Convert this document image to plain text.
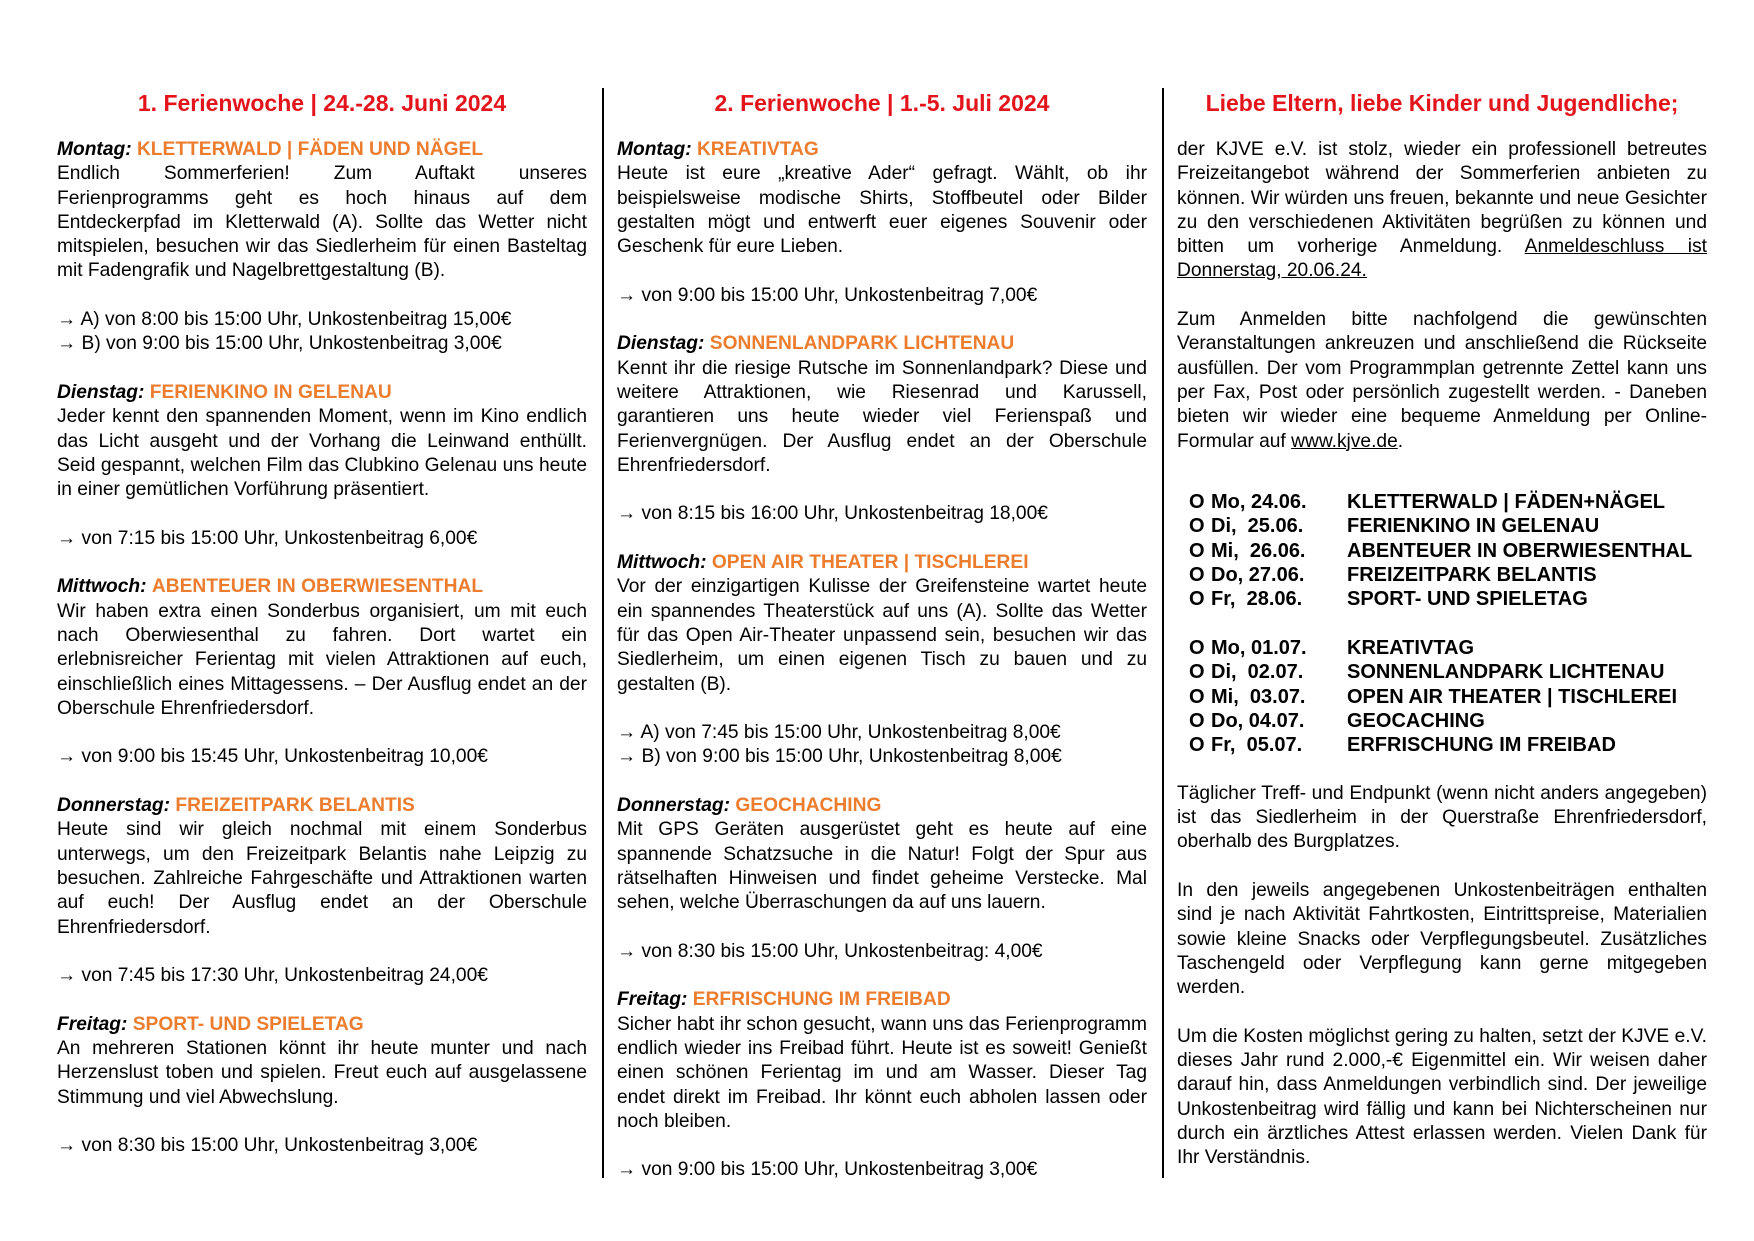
1. Ferienwoche | 24.-28. Juni 2024
Montag: KLETTERWALD | FÄDEN UND NÄGEL

Endlich Sommerferien! Zum Auftakt unseres Ferienprogramms geht es hoch hinaus auf dem Entdeckerpfad im Kletterwald (A). Sollte das Wetter nicht mitspielen, besuchen wir das Siedlerheim für einen Basteltag mit Fadengrafik und Nagelbrettgestaltung (B).

→ A) von 8:00 bis 15:00 Uhr, Unkostenbeitrag 15,00€
→ B) von 9:00 bis 15:00 Uhr, Unkostenbeitrag 3,00€
Dienstag: FERIENKINO IN GELENAU

Jeder kennt den spannenden Moment, wenn im Kino endlich das Licht ausgeht und der Vorhang die Leinwand enthüllt. Seid gespannt, welchen Film das Clubkino Gelenau uns heute in einer gemütlichen Vorführung präsentiert.

→ von 7:15 bis 15:00 Uhr, Unkostenbeitrag 6,00€
Mittwoch: ABENTEUER IN OBERWIESENTHAL

Wir haben extra einen Sonderbus organisiert, um mit euch nach Oberwiesenthal zu fahren. Dort wartet ein erlebnisreicher Ferientag mit vielen Attraktionen auf euch, einschließlich eines Mittagessens. – Der Ausflug endet an der Oberschule Ehrenfriedersdorf.

→ von 9:00 bis 15:45 Uhr, Unkostenbeitrag 10,00€
Donnerstag: FREIZEITPARK BELANTIS

Heute sind wir gleich nochmal mit einem Sonderbus unterwegs, um den Freizeitpark Belantis nahe Leipzig zu besuchen. Zahlreiche Fahrgeschäfte und Attraktionen warten auf euch! Der Ausflug endet an der Oberschule Ehrenfriedersdorf.

→ von 7:45 bis 17:30 Uhr, Unkostenbeitrag 24,00€
Freitag: SPORT- UND SPIELETAG

An mehreren Stationen könnt ihr heute munter und nach Herzenslust toben und spielen. Freut euch auf ausgelassene Stimmung und viel Abwechslung.

→ von 8:30 bis 15:00 Uhr, Unkostenbeitrag 3,00€
2. Ferienwoche | 1.-5. Juli 2024
Montag: KREATIVTAG

Heute ist eure „kreative Ader“ gefragt. Wählt, ob ihr beispielsweise modische Shirts, Stoffbeutel oder Bilder gestalten mögt und entwerft euer eigenes Souvenir oder Geschenk für eure Lieben.

→ von 9:00 bis 15:00 Uhr, Unkostenbeitrag 7,00€
Dienstag: SONNENLANDPARK LICHTENAU

Kennt ihr die riesige Rutsche im Sonnenlandpark? Diese und weitere Attraktionen, wie Riesenrad und Karussell, garantieren uns heute wieder viel Ferienspaß und Ferienvergnügen. Der Ausflug endet an der Oberschule Ehrenfriedersdorf.

→ von 8:15 bis 16:00 Uhr, Unkostenbeitrag 18,00€
Mittwoch: OPEN AIR THEATER | TISCHLEREI

Vor der einzigartigen Kulisse der Greifensteine wartet heute ein spannendes Theaterstück auf uns (A). Sollte das Wetter für das Open Air-Theater unpassend sein, besuchen wir das Siedlerheim, um einen eigenen Tisch zu bauen und zu gestalten (B).

→ A) von 7:45 bis 15:00 Uhr, Unkostenbeitrag 8,00€
→ B) von 9:00 bis 15:00 Uhr, Unkostenbeitrag 8,00€
Donnerstag: GEOCHACHING

Mit GPS Geräten ausgerüstet geht es heute auf eine spannende Schatzsuche in die Natur! Folgt der Spur aus rätselhaften Hinweisen und findet geheime Verstecke. Mal sehen, welche Überraschungen da auf uns lauern.

→ von 8:30 bis 15:00 Uhr, Unkostenbeitrag: 4,00€
Freitag: ERFRISCHUNG IM FREIBAD

Sicher habt ihr schon gesucht, wann uns das Ferienprogramm endlich wieder ins Freibad führt. Heute ist es soweit! Genießt einen schönen Ferientag im und am Wasser. Dieser Tag endet direkt im Freibad. Ihr könnt euch abholen lassen oder noch bleiben.

→ von 9:00 bis 15:00 Uhr, Unkostenbeitrag 3,00€
Liebe Eltern, liebe Kinder und Jugendliche;

der KJVE e.V. ist stolz, wieder ein professionell betreutes Freizeitangebot während der Sommerferien anbieten zu können. Wir würden uns freuen, bekannte und neue Gesichter zu den verschiedenen Aktivitäten begrüßen zu können und bitten um vorherige Anmeldung. Anmeldeschluss ist Donnerstag, 20.06.24.

Zum Anmelden bitte nachfolgend die gewünschten Veranstaltungen ankreuzen und anschließend die Rückseite ausfüllen. Der vom Programmplan getrennte Zettel kann uns per Fax, Post oder persönlich zugestellt werden. - Daneben bieten wir wieder eine bequeme Anmeldung per Online-Formular auf www.kjve.de.

O Mo, 24.06.	KLETTERWALD | FÄDEN+NÄGEL
O Di,  25.06.	FERIENKINO IN GELENAU
O Mi,  26.06.	ABENTEUER IN OBERWIESENTHAL
O Do, 27.06.	FREIZEITPARK BELANTIS
O Fr,  28.06.	SPORT- UND SPIELETAG
O Mo, 01.07.	KREATIVTAG
O Di,  02.07.	SONNENLANDPARK LICHTENAU
O Mi,  03.07.	OPEN AIR THEATER | TISCHLEREI
O Do, 04.07.	GEOCACHING
O Fr,  05.07.	ERFRISCHUNG IM FREIBAD

Täglicher Treff- und Endpunkt (wenn nicht anders angegeben) ist das Siedlerheim in der Querstraße Ehrenfriedersdorf, oberhalb des Burgplatzes.

In den jeweils angegebenen Unkostenbeiträgen enthalten sind je nach Aktivität Fahrtkosten, Eintrittspreise, Materialien sowie kleine Snacks oder Verpflegungsbeutel. Zusätzliches Taschengeld oder Verpflegung kann gerne mitgegeben werden.

Um die Kosten möglichst gering zu halten, setzt der KJVE e.V. dieses Jahr rund 2.000,-€ Eigenmittel ein. Wir weisen daher darauf hin, dass Anmeldungen verbindlich sind. Der jeweilige Unkostenbeitrag wird fällig und kann bei Nichterscheinen nur durch ein ärztliches Attest erlassen werden. Vielen Dank für Ihr Verständnis.
